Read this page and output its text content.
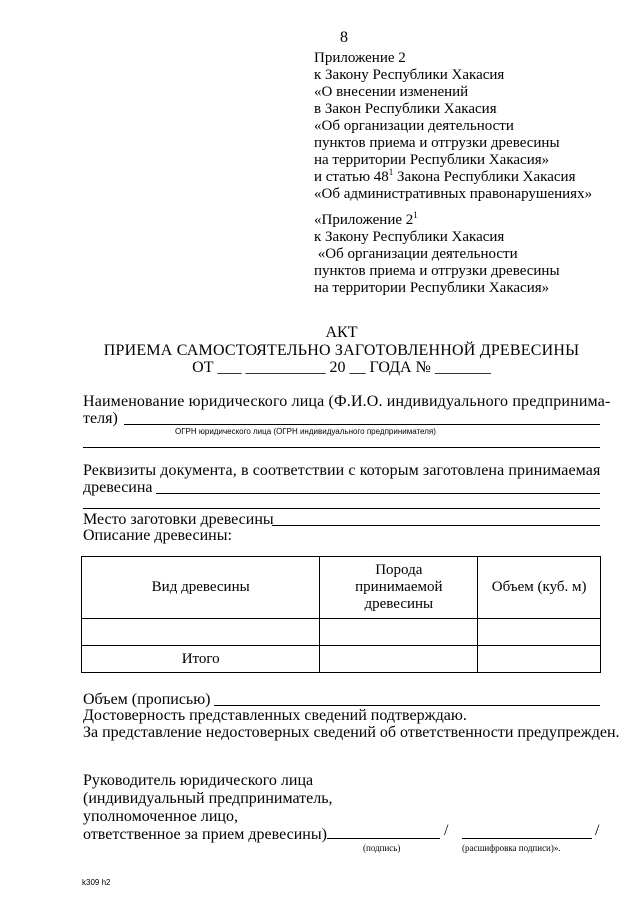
8
Приложение 2
к Закону Республики Хакасия
«О внесении изменений
в Закон Республики Хакасия
«Об организации деятельности
пунктов приема и отгрузки древесины
на территории Республики Хакасия»
и статью $48^1$ Закона Республики Хакасия
«Об административных правонарушениях»
«Приложение $2^1$
к Закону Республики Хакасия
«Об организации деятельности
пунктов приема и отгрузки древесины
на территории Республики Хакасия»
АКТ
ПРИЕМА САМОСТОЯТЕЛЬНО ЗАГОТОВЛЕННОЙ ДРЕВЕСИНЫ
ОТ ___ __________ 20 __ ГОДА № _______
Наименование юридического лица (Ф.И.О. индивидуального предпринима-
теля)
ОГРН юридического лица (ОГРН индивидуального предпринимателя)
Реквизиты документа, в соответствии с которым заготовлена принимаемая
древесина
Место заготовки древесины
Описание древесины:
Вид древесины	Порода принимаемой древесины	Объем (куб. м)

Итого		
Объем (прописью)
Достоверность представленных сведений подтверждаю.
За представление недостоверных сведений об ответственности предупрежден.
Руководитель юридического лица
(индивидуальный предприниматель,
уполномоченное лицо,
ответственное за прием древесины)	/	/
(подпись)	(расшифровка подписи)».
k309 h2
